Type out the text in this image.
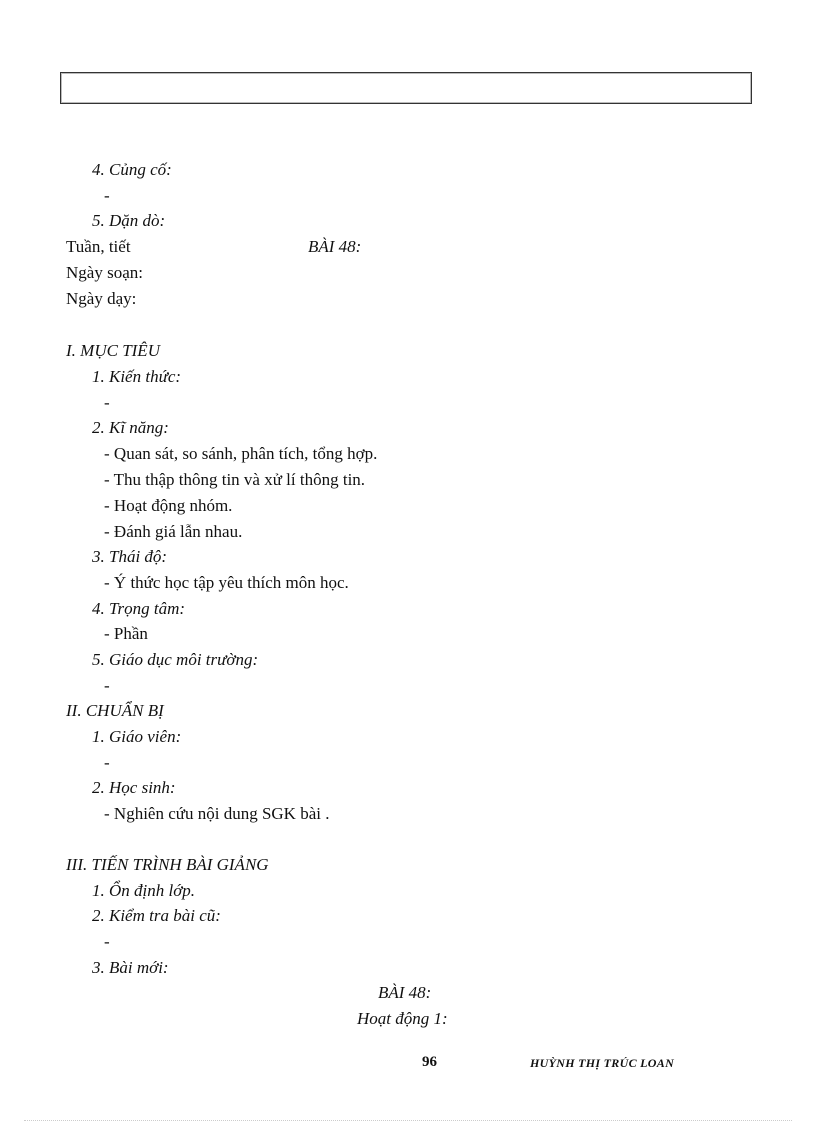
4. Củng cố:
-
5. Dặn dò:
Tuần, tiết	BÀI 48:
Ngày soạn:
Ngày dạy:
I. MỤC TIÊU
1. Kiến thức:
-
2. Kĩ năng:
- Quan sát, so sánh, phân tích, tổng hợp.
- Thu thập thông tin và xử lí thông tin.
- Hoạt động nhóm.
- Đánh giá lẫn nhau.
3. Thái độ:
- Ý thức học tập yêu thích môn học.
4. Trọng tâm:
- Phần
5. Giáo dục môi trường:
-
II. CHUẨN BỊ
1. Giáo viên:
-
2. Học sinh:
- Nghiên cứu nội dung SGK bài .
III. TIẾN TRÌNH BÀI GIẢNG
1. Ổn định lớp.
2. Kiểm tra bài cũ:
-
3. Bài mới:
BÀI 48:
Hoạt động 1:
96	HUỲNH THỊ TRÚC LOAN
